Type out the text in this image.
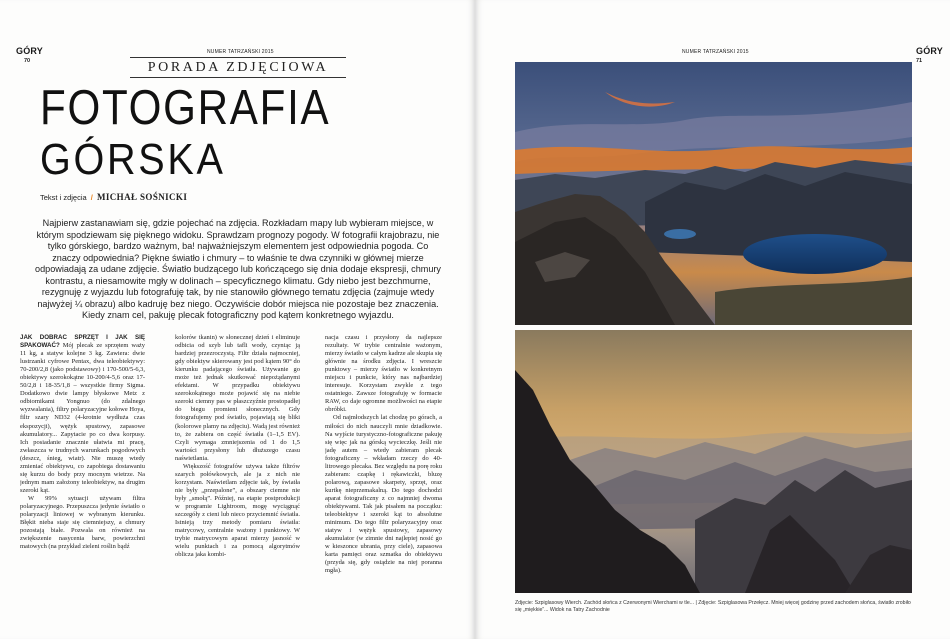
GÓRY
70
NUMER TATRZAŃSKI 2015
PORADA ZDJĘCIOWA
FOTOGRAFIA
GÓRSKA
Tekst i zdjęcia / MICHAŁ SOŚNICKI
Najpierw zastanawiam się, gdzie pojechać na zdjęcia. Rozkładam mapy lub wybieram miejsce, w którym spodziewam się pięknego widoku. Sprawdzam prognozy pogody. W fotografii krajobrazu, nie tylko górskiego, bardzo ważnym, ba! najważniejszym elementem jest odpowiednia pogoda. Co znaczy odpowiednia? Piękne światło i chmury – to właśnie te dwa czynniki w głównej mierze odpowiadają za udane zdjęcie. Światło budzącego lub kończącego się dnia dodaje ekspresji, chmury kontrastu, a niesamowite mgły w dolinach – specyficznego klimatu. Gdy niebo jest bezchmurne, rezygnuję z wyjazdu lub fotografuję tak, by nie stanowiło głównego tematu zdjęcia (zajmuje wtedy najwyżej ¼ obrazu) albo kadruję bez niego. Oczywiście dobór miejsca nie pozostaje bez znaczenia. Kiedy znam cel, pakuję plecak fotograficzny pod kątem konkretnego wyjazdu.

JAK DOBRAĆ SPRZĘT I JAK SIĘ SPAKOWAĆ? Mój plecak ze sprzętem waży 11 kg, a statyw kolejne 3 kg. Zawiera: dwie lustrzanki cyfrowe Pentax, dwa teleobiektywy: 70-200/2,8 (jako podstawowy) i 170-500/5-6,3, obiektywy szerokokątne 10-200/4-5,6 oraz 17-50/2,8 i 18-35/1,8 – wszystkie firmy Sigma. Dodatkowo dwie lampy błyskowe Metz z odbiornikami Yongnuo (do zdalnego wyzwalania), filtry polaryzacyjne kołowe Hoya, filtr szary ND32 (4-krotnie wydłuża czas ekspozycji), wężyk spustowy, zapasowe akumulatory... Zapytacie po co dwa korpusy. Ich posiadanie znacznie ułatwia mi pracę, zwłaszcza w trudnych warunkach pogodowych (deszcz, śnieg, wiatr). Nie muszę wtedy zmieniać obiektywu, co zapobiega dostawaniu się kurzu do body przy mocnym wietrze. Na jednym mam założony teleobiektyw, na drugim szeroki kąt.

W 99% sytuacji używam filtra polaryzacyjnego. Przepuszcza jedynie światło o polaryzacji liniowej w wybranym kierunku. Błękit nieba staje się ciemniejszy, a chmury pozostają białe. Pozwala on również na zwiększenie nasycenia barw, powierzchni matowych (na przykład zieleni roślin bądź

kolorów tkanin) w słonecznej dzień i eliminuje odbicia od szyb lub tafli wody, czyniąc ją bardziej przezroczystą. Filtr działa najmocniej, gdy obiektyw skierowany jest pod kątem 90° do kierunku padającego światła. Używanie go może też jednak skutkować niepożądanymi efektami. W przypadku obiektywu szerokokątnego może pojawić się na niebie szeroki ciemny pas w płaszczyźnie prostopadłej do biegu promieni słonecznych. Gdy fotografujemy pod światło, pojawiają się blikі (kolorowe plamy na zdjęciu). Wadą jest również to, że zabiera on część światła (1–1,5 EV). Czyli wymaga zmniejszenia od 1 do 1,5 wartości przysłony lub dłuższego czasu naświetlania.

Większość fotografów używa także filtrów szarych połówkowych, ale ja z nich nie korzystam. Naświetlam zdjęcie tak, by światła nie były „przepalone”, a obszary ciemne nie były „smołą”. Później, na etapie postprodukcji w programie Lightroom, mogę wyciągnąć szczegóły z cieni lub nieco przyciemnić światła. Istnieją trzy metody pomiaru światła: matrycowy, centralnie ważony i punktowy. W trybie matrycowym aparat mierzy jasność w wielu punktach i za pomocą algorytmów oblicza jaka kombi-

NUMER TATRZAŃSKI 2015	GÓRY
71
Zdjęcie: Szpiglasowy Wierch. Zachód słońca z Czerwonymi Wierchami w tle... | Zdjęcie: Szpiglasowa Przełęcz. Mniej więcej godzinę przed zachodem słońca, światło zrobiło się „miękkie”... Widok na Tatry Zachodnie

nacja czasu i przysłony da najlepsze rezultaty. W trybie centralnie ważonym, mierzy światło w całym kadrze ale skupia się głównie na środku zdjęcia. I wreszcie punktowy – mierzy światło w konkretnym miejscu i punkcie, który nas najbardziej interesuje. Korzystam zwykle z tego ostatniego. Zawsze fotografuję w formacie RAW, co daje ogromne możliwości na etapie obróbki.

Od najmłodszych lat chodzę po górach, a miłości do nich nauczyli mnie dziadkowie. Na wyjście turystyczno-fotograficzne pakuję się więc jak na górską wycieczkę. Jeśli nie jadę autem – wtedy zabieram plecak fotograficzny – wkładam rzeczy do 40-litrowego plecaka. Bez względu na porę roku zabieram: czapkę i rękawiczki, bluzę polarową, zapasowe skarpety, sprzęt, oraz kurtkę nieprzemakalną. Do tego dochodzi aparat fotograficzny z co najmniej dwoma obiektywami. Tak jak pisałem na początku: teleobiektyw i szeroki kąt to absolutne minimum. Do tego filtr polaryzacyjny oraz statyw i wężyk spustowy, zapasowy akumulator (w zimnie dni najlepiej nosić go w kieszonce ubrania, przy ciele), zapasowa karta pamięci oraz szmatka do obiektywu (przyda się, gdy osiądzie na niej poranna mgła).
